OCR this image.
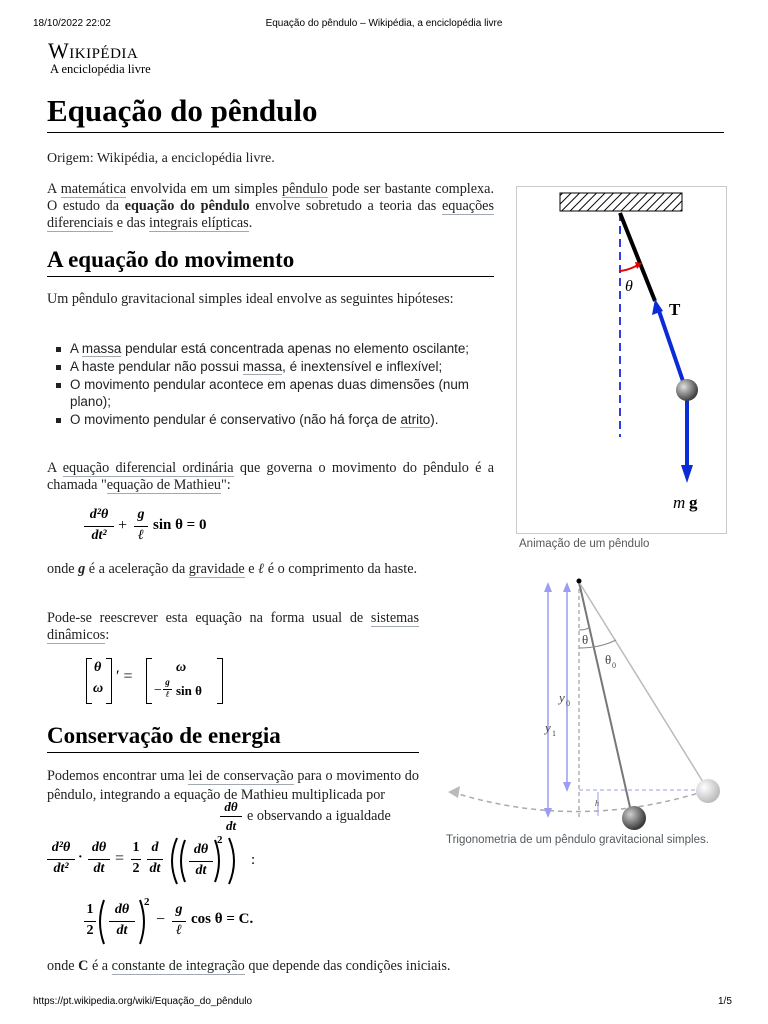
18/10/2022 22:02	Equação do pêndulo – Wikipédia, a enciclopédia livre
Wikipédia
A enciclopédia livre
Equação do pêndulo
Origem: Wikipédia, a enciclopédia livre.

A matemática envolvida em um simples pêndulo pode ser bastante complexa. O estudo da equação do pêndulo envolve sobretudo a teoria das equações diferenciais e das integrais elípticas.

A equação do movimento

Um pêndulo gravitacional simples ideal envolve as seguintes hipóteses:

A massa pendular está concentrada apenas no elemento oscilante;
A haste pendular não possui massa, é inextensível e inflexível;
O movimento pendular acontece em apenas duas dimensões (num plano);
O movimento pendular é conservativo (não há força de atrito).

A equação diferencial ordinária que governa o movimento do pêndulo é a chamada "equação de Mathieu":

d²θ
dt²
+
g
ℓ
sin θ = 0

onde g é a aceleração da gravidade e ℓ é o comprimento da haste.

Pode-se reescrever esta equação na forma usual de sistemas dinâmicos:

θ
ω
′ =
ω
−
g
ℓ sin θ
Conservação de energia

Podemos encontrar uma lei de conservação para o movimento do pêndulo, integrando a equação de Mathieu multiplicada por

dθ
dt
e observando a igualdade
d²θ
dt²
·
dθ
dt
=
1
2
d
dt
dθ
dt
2
:
1
2
dθ
dt
2
−
g
ℓ
cos θ = C.

onde C é a constante de integração que depende das condições iniciais.

θ
T
m g
Animação de um pêndulo
θ
θ 0
y 0
y 1
h
Trigonometria de um pêndulo gravitacional simples.
https://pt.wikipedia.org/wiki/Equação_do_pêndulo	1/5
